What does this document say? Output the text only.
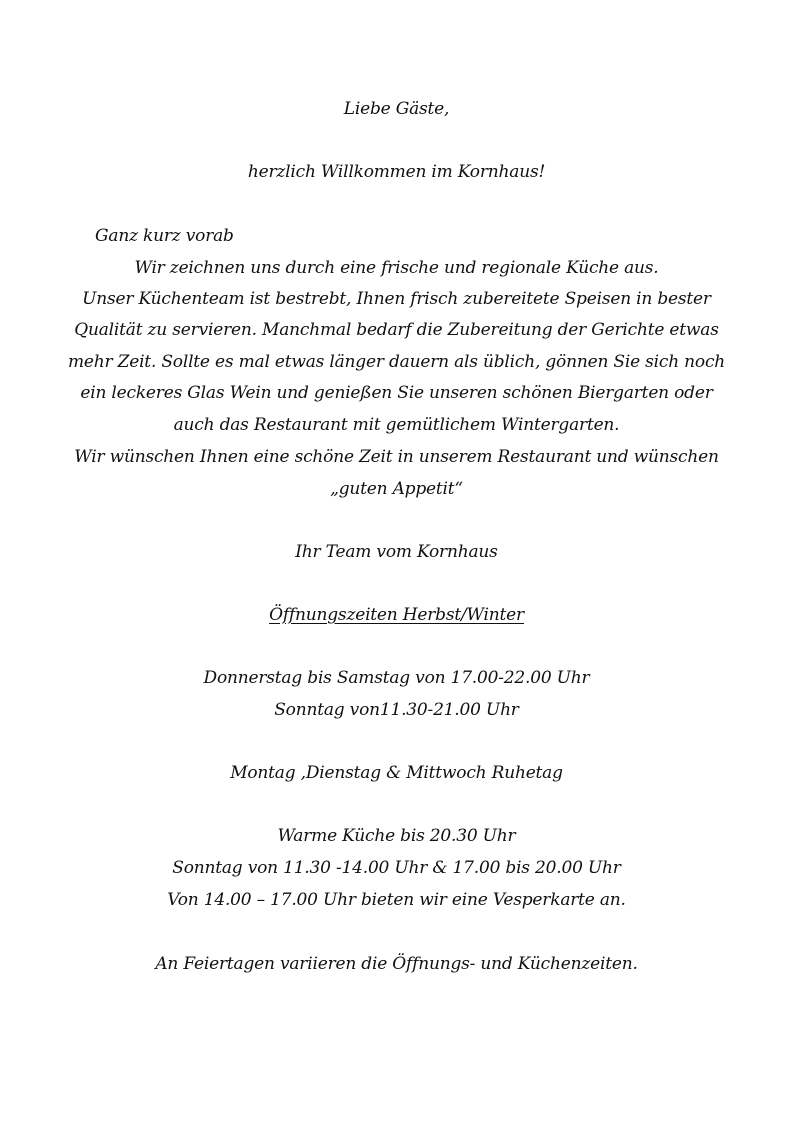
Liebe Gäste,
herzlich Willkommen im Kornhaus!
Ganz kurz vorab
Wir zeichnen uns durch eine frische und regionale Küche aus.
Unser Küchenteam ist bestrebt, Ihnen frisch zubereitete Speisen in bester
Qualität zu servieren. Manchmal bedarf die Zubereitung der Gerichte etwas
mehr Zeit. Sollte es mal etwas länger dauern als üblich, gönnen Sie sich noch
ein leckeres Glas Wein und genießen Sie unseren schönen Biergarten oder
auch das Restaurant mit gemütlichem Wintergarten.
Wir wünschen Ihnen eine schöne Zeit in unserem Restaurant und wünschen
„guten Appetit“
Ihr Team vom Kornhaus
Öffnungszeiten Herbst/Winter
Donnerstag bis Samstag von 17.00-22.00 Uhr
Sonntag von11.30-21.00 Uhr
Montag ,Dienstag & Mittwoch Ruhetag
Warme Küche bis 20.30 Uhr
Sonntag von 11.30 -14.00 Uhr & 17.00 bis 20.00 Uhr
Von 14.00 – 17.00 Uhr bieten wir eine Vesperkarte an.
An Feiertagen variieren die Öffnungs- und Küchenzeiten.
